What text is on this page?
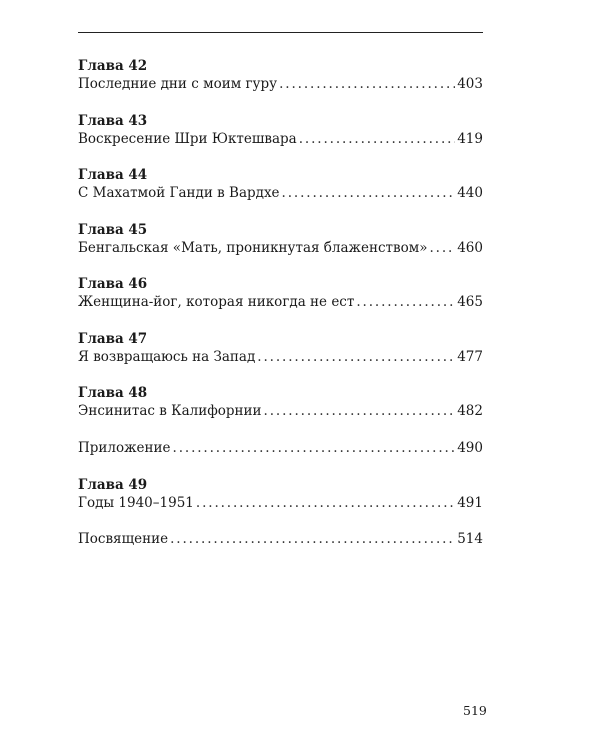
Глава 42
Последние дни с моим гуру . . .	403
Глава 43
Воскресение Шри Юктешвара . . .	419
Глава 44
С Махатмой Ганди в Вардхе . . .	440
Глава 45
Бенгальская «Мать, проникнутая блаженством» . . . 460
Глава 46
Женщина-йог, которая никогда не ест . . .	465
Глава 47
Я возвращаюсь на Запад . . .	477
Глава 48
Энсинитас в Калифорнии . . .	482
Приложение . . .	490
Глава 49
Годы 1940–1951 . . .	491
Посвящение . . .	514
519
